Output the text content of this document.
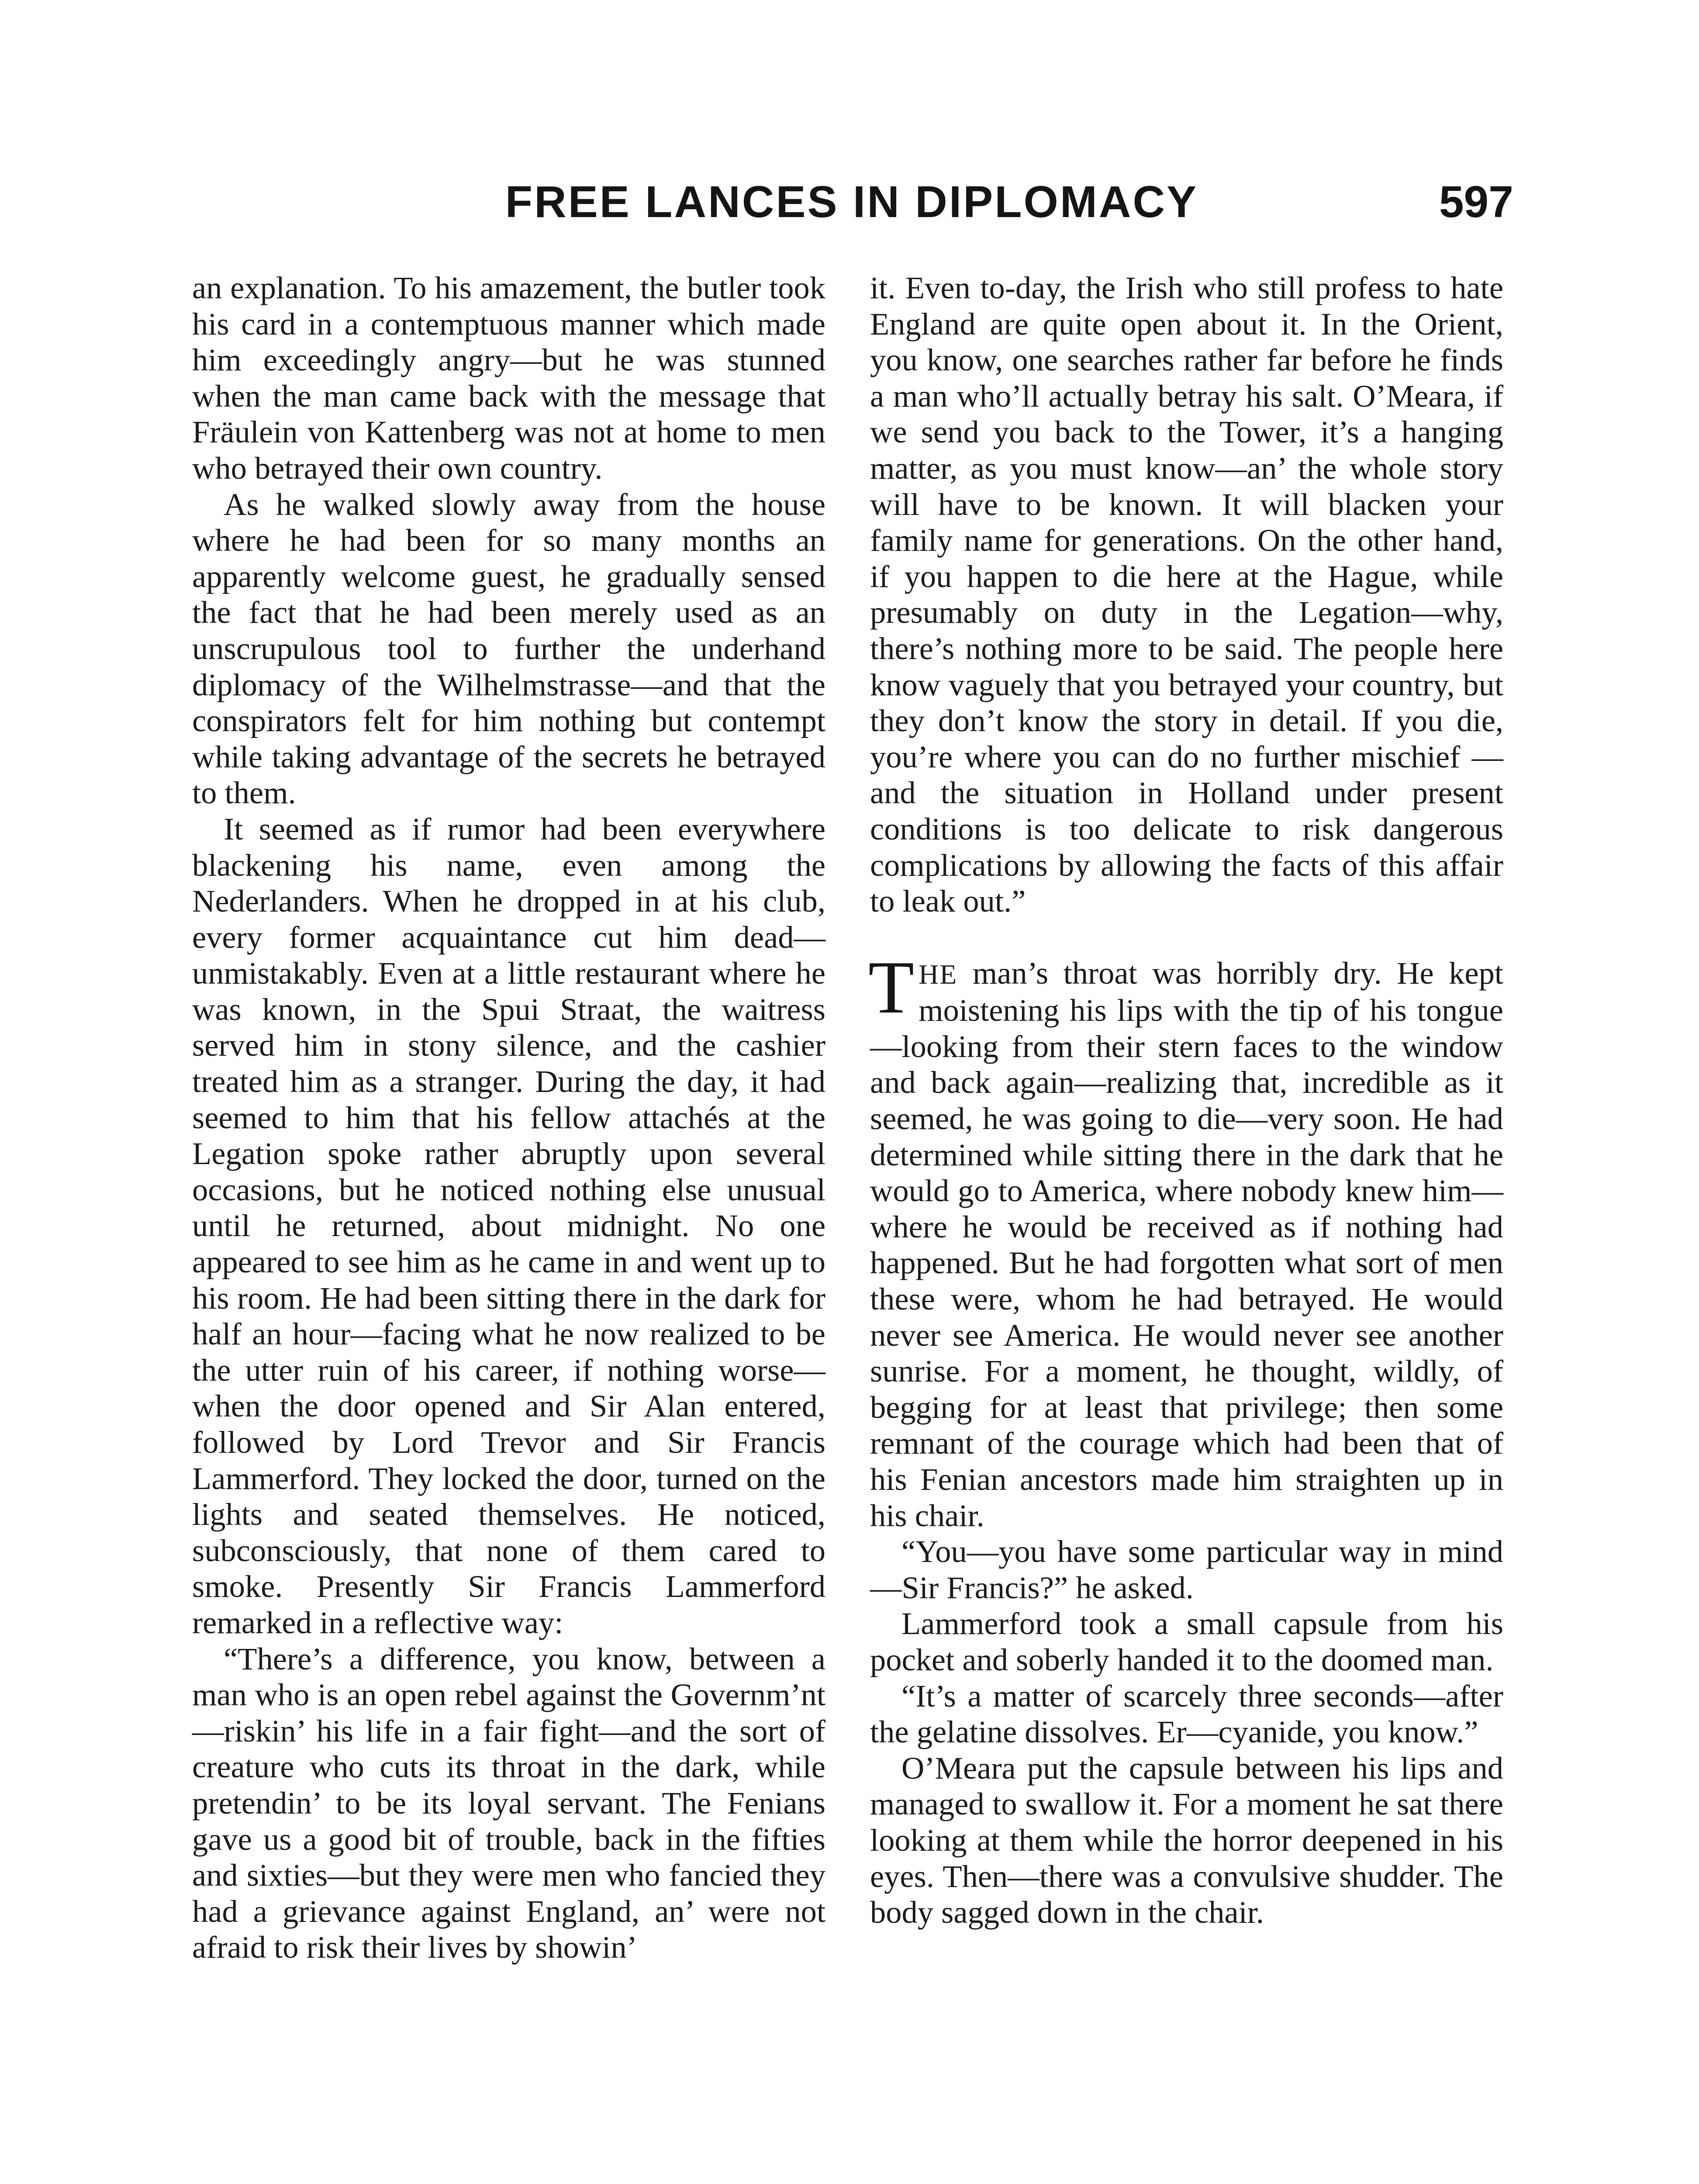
FREE LANCES IN DIPLOMACY	597

an explanation. To his amazement, the butler took his card in a contemptuous manner which made him exceedingly angry—but he was stunned when the man came back with the message that Fräulein von Kattenberg was not at home to men who betrayed their own country.

As he walked slowly away from the house where he had been for so many months an apparently welcome guest, he gradually sensed the fact that he had been merely used as an unscrupulous tool to further the underhand diplomacy of the Wilhelmstrasse—and that the conspirators felt for him nothing but contempt while taking advantage of the secrets he betrayed to them.

It seemed as if rumor had been everywhere blackening his name, even among the Nederlanders. When he dropped in at his club, every former acquaintance cut him dead—unmistakably. Even at a little restaurant where he was known, in the Spui Straat, the waitress served him in stony silence, and the cashier treated him as a stranger. During the day, it had seemed to him that his fellow attachés at the Legation spoke rather abruptly upon several occasions, but he noticed nothing else unusual until he returned, about midnight. No one appeared to see him as he came in and went up to his room. He had been sitting there in the dark for half an hour—facing what he now realized to be the utter ruin of his career, if nothing worse—when the door opened and Sir Alan entered, followed by Lord Trevor and Sir Francis Lammerford. They locked the door, turned on the lights and seated themselves. He noticed, subconsciously, that none of them cared to smoke. Presently Sir Francis Lammerford remarked in a reflective way:

“There’s a difference, you know, between a man who is an open rebel against the Governm’nt—riskin’ his life in a fair fight—and the sort of creature who cuts its throat in the dark, while pretendin’ to be its loyal servant. The Fenians gave us a good bit of trouble, back in the fifties and sixties—but they were men who fancied they had a grievance against England, an’ were not afraid to risk their lives by showin’

it. Even to-day, the Irish who still profess to hate England are quite open about it. In the Orient, you know, one searches rather far before he finds a man who’ll actually betray his salt. O’Meara, if we send you back to the Tower, it’s a hanging matter, as you must know—an’ the whole story will have to be known. It will blacken your family name for generations. On the other hand, if you happen to die here at the Hague, while presumably on duty in the Legation—why, there’s nothing more to be said. The people here know vaguely that you betrayed your country, but they don’t know the story in detail. If you die, you’re where you can do no further mischief —and the situation in Holland under present conditions is too delicate to risk dangerous complications by allowing the facts of this affair to leak out.”

THE man’s throat was horribly dry. He kept moistening his lips with the tip of his tongue—looking from their stern faces to the window and back again—realizing that, incredible as it seemed, he was going to die—very soon. He had determined while sitting there in the dark that he would go to America, where nobody knew him—where he would be received as if nothing had happened. But he had forgotten what sort of men these were, whom he had betrayed. He would never see America. He would never see another sunrise. For a moment, he thought, wildly, of begging for at least that privilege; then some remnant of the courage which had been that of his Fenian ancestors made him straighten up in his chair.

“You—you have some particular way in mind—Sir Francis?” he asked.

Lammerford took a small capsule from his pocket and soberly handed it to the doomed man.

“It’s a matter of scarcely three seconds—after the gelatine dissolves. Er—cyanide, you know.”

O’Meara put the capsule between his lips and managed to swallow it. For a moment he sat there looking at them while the horror deepened in his eyes. Then—there was a convulsive shudder. The body sagged down in the chair.
